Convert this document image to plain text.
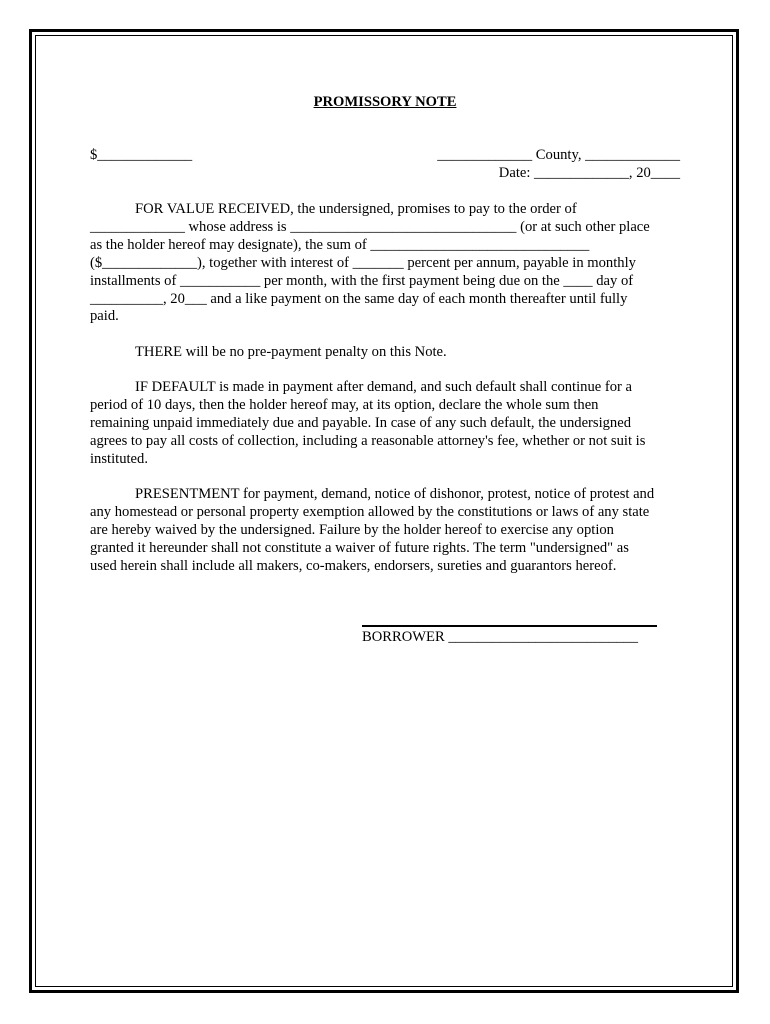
PROMISSORY NOTE
$_____________	_____________ County, _____________
Date: _____________, 20____

FOR VALUE RECEIVED, the undersigned, promises to pay to the order of
_____________ whose address is _______________________________ (or at such other place
as the holder hereof may designate), the sum of ______________________________
($_____________), together with interest of _______ percent per annum, payable in monthly
installments of ___________ per month, with the first payment being due on the ____ day of
__________, 20___ and a like payment on the same day of each month thereafter until fully
paid.

THERE will be no pre-payment penalty on this Note.

IF DEFAULT is made in payment after demand, and such default shall continue for a
period of 10 days, then the holder hereof may, at its option, declare the whole sum then
remaining unpaid immediately due and payable. In case of any such default, the undersigned
agrees to pay all costs of collection, including a reasonable attorney's fee, whether or not suit is
instituted.

PRESENTMENT for payment, demand, notice of dishonor, protest, notice of protest and
any homestead or personal property exemption allowed by the constitutions or laws of any state
are hereby waived by the undersigned. Failure by the holder hereof to exercise any option
granted it hereunder shall not constitute a waiver of future rights. The term "undersigned" as
used herein shall include all makers, co-makers, endorsers, sureties and guarantors hereof.

BORROWER __________________________
